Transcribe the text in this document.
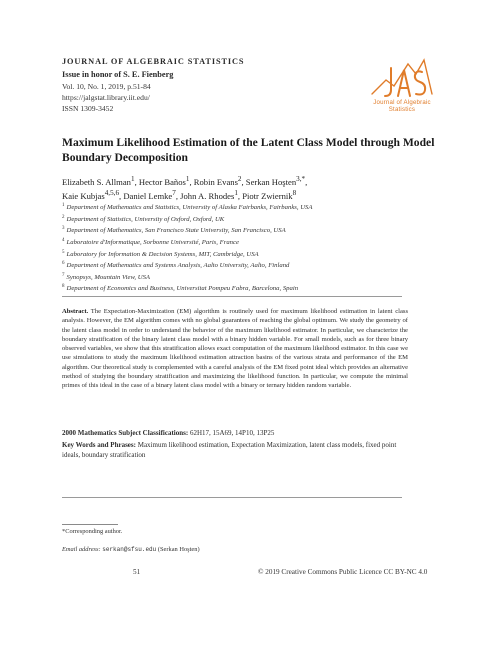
JOURNAL OF ALGEBRAIC STATISTICS
Issue in honor of S. E. Fienberg
Vol. 10, No. 1, 2019, p.51-84
https://jalgstat.library.iit.edu/
ISSN 1309-3452
Journal of Algebraic Statistics
Maximum Likelihood Estimation of the Latent Class Model through Model Boundary Decomposition
Elizabeth S. Allman$^1$, Hector Baños$^1$, Robin Evans$^2$, Serkan Hoşten$^{3,*}$,
Kaie Kubjas$^{4,5,6}$, Daniel Lemke$^7$, John A. Rhodes$^1$, Piotr Zwiernik$^8$
$^1$ Department of Mathematics and Statistics, University of Alaska Fairbanks, Fairbanks, USA
$^2$ Department of Statistics, University of Oxford, Oxford, UK
$^3$ Department of Mathematics, San Francisco State University, San Francisco, USA
$^4$ Laboratoire d'Informatique, Sorbonne Université, Paris, France
$^5$ Laboratory for Information & Decision Systems, MIT, Cambridge, USA
$^6$ Department of Mathematics and Systems Analysis, Aalto University, Aalto, Finland
$^7$ Synopsys, Mountain View, USA
$^8$ Department of Economics and Business, Universitat Pompeu Fabra, Barcelona, Spain
Abstract. The Expectation-Maximization (EM) algorithm is routinely used for maximum likelihood estimation in latent class analysis. However, the EM algorithm comes with no global guarantees of reaching the global optimum. We study the geometry of the latent class model in order to understand the behavior of the maximum likelihood estimator. In particular, we characterize the boundary stratification of the binary latent class model with a binary hidden variable. For small models, such as for three binary observed variables, we show that this stratification allows exact computation of the maximum likelihood estimator. In this case we use simulations to study the maximum likelihood estimation attraction basins of the various strata and performance of the EM algorithm. Our theoretical study is complemented with a careful analysis of the EM fixed point ideal which provides an alternative method of studying the boundary stratification and maximizing the likelihood function. In particular, we compute the minimal primes of this ideal in the case of a binary latent class model with a binary or ternary hidden random variable.
2000 Mathematics Subject Classifications: 62H17, 15A69, 14P10, 13P25
Key Words and Phrases: Maximum likelihood estimation, Expectation Maximization, latent class models, fixed point ideals, boundary stratification
*Corresponding author.
Email address: serkan@sfsu.edu (Serkan Hoşten)
51	© 2019 Creative Commons Public Licence CC BY-NC 4.0
